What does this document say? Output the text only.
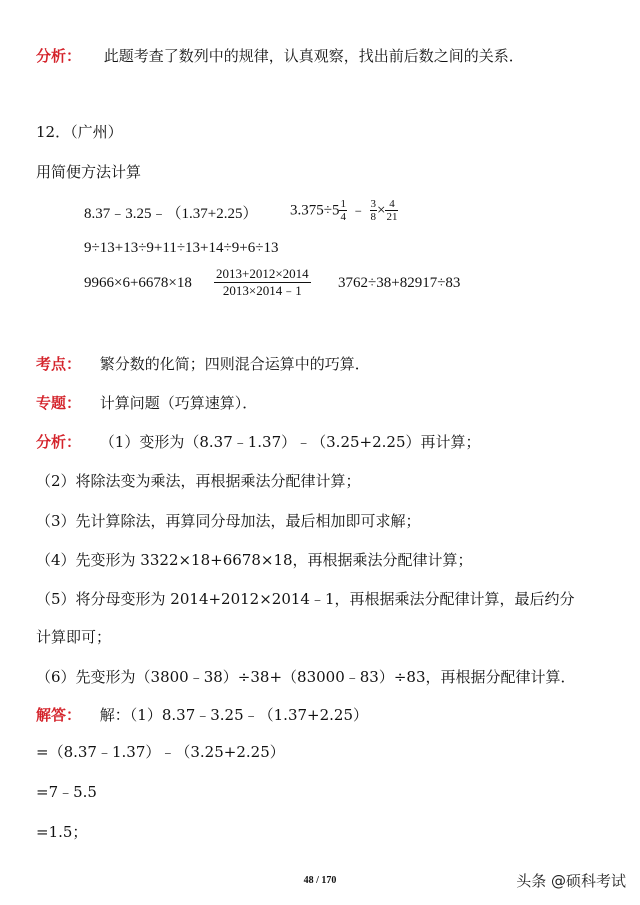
分析： 此题考查了数列中的规律，认真观察，找出前后数之间的关系．
12．（广州）
用简便方法计算
8.37﹣3.25﹣（1.37+2.25） $3.375\div 5 \frac{1}{4}$ ﹣ $\frac{3}{8} \times \frac{4}{21}$
9÷13+13÷9+11÷13+14÷9+6÷13
$9966\times 6+6678\times 18 \frac{2013+2012\times 2014}{2013\times 2014﹣1} 3762\div 38+82917\div 83$
考点： 繁分数的化简；四则混合运算中的巧算．
专题： 计算问题（巧算速算）．
分析： （1）变形为（8.37﹣1.37）﹣（3.25+2.25）再计算；
（2）将除法变为乘法，再根据乘法分配律计算；
（3）先计算除法，再算同分母加法，最后相加即可求解；
（4）先变形为 3322×18+6678×18，再根据乘法分配律计算；
（5）将分母变形为 2014+2012×2014﹣1，再根据乘法分配律计算，最后约分
计算即可；
（6）先变形为（3800﹣38）÷38+（83000﹣83）÷83，再根据分配律计算．
解答： 解：（1）8.37﹣3.25﹣（1.37+2.25）
=（8.37﹣1.37）﹣（3.25+2.25）
=7﹣5.5
=1.5；
48 / 170	头条 @硕科考试
